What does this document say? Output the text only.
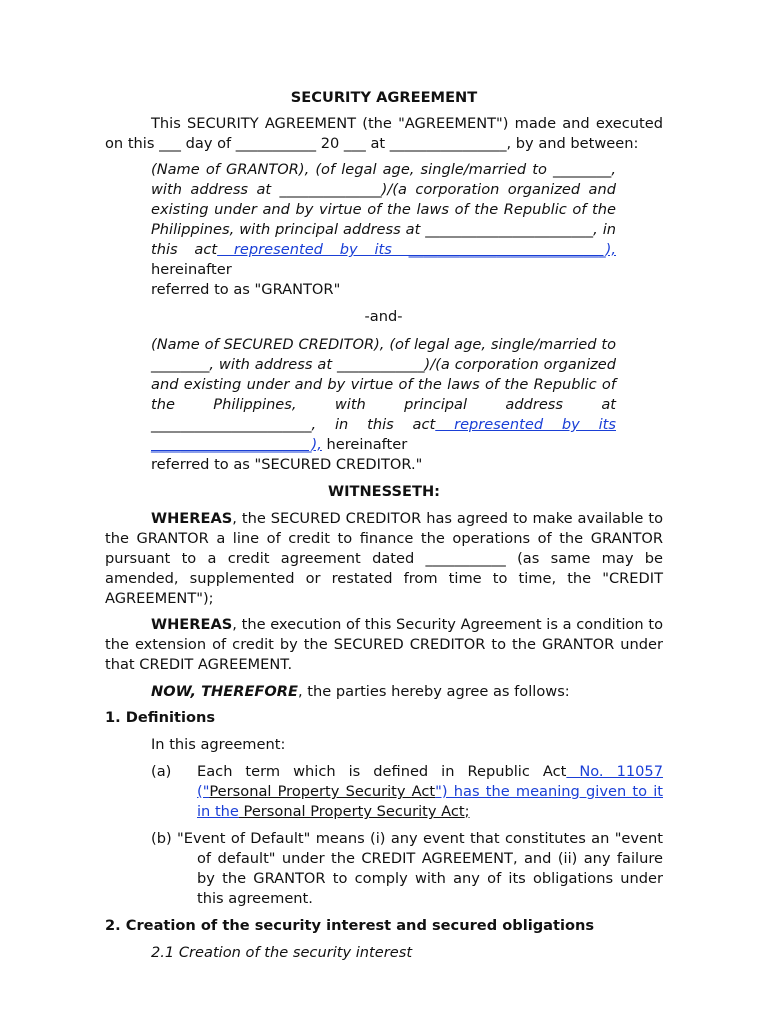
SECURITY AGREEMENT

This SECURITY AGREEMENT (the "AGREEMENT") made and executed on this ___ day of ___________ 20 ___ at ________________, by and between:

(Name of GRANTOR), (of legal age, single/married to ________, with address at ______________)/(a corporation organized and existing under and by virtue of the laws of the Republic of the Philippines, with principal address at _______________________, in this act represented by its ___________________________), hereinafter

referred to as "GRANTOR"

-and-

(Name of SECURED CREDITOR), (of legal age, single/married to ________, with address at ____________)/(a corporation organized and existing under and by virtue of the laws of the Republic of the Philippines, with principal address at ______________________, in this act represented by its ______________________), hereinafter

referred to as "SECURED CREDITOR."

WITNESSETH:

WHEREAS, the SECURED CREDITOR has agreed to make available to the GRANTOR a line of credit to finance the operations of the GRANTOR pursuant to a credit agreement dated ___________ (as same may be amended, supplemented or restated from time to time, the "CREDIT AGREEMENT");

WHEREAS, the execution of this Security Agreement is a condition to the extension of credit by the SECURED CREDITOR to the GRANTOR under that CREDIT AGREEMENT.

NOW, THEREFORE, the parties hereby agree as follows:

1. Definitions

In this agreement:

(a) Each term which is defined in Republic Act No. 11057 ("Personal Property Security Act") has the meaning given to it in the Personal Property Security Act;

(b) "Event of Default" means (i) any event that constitutes an "event of default" under the CREDIT AGREEMENT, and (ii) any failure by the GRANTOR to comply with any of its obligations under this agreement.

2. Creation of the security interest and secured obligations

2.1 Creation of the security interest
